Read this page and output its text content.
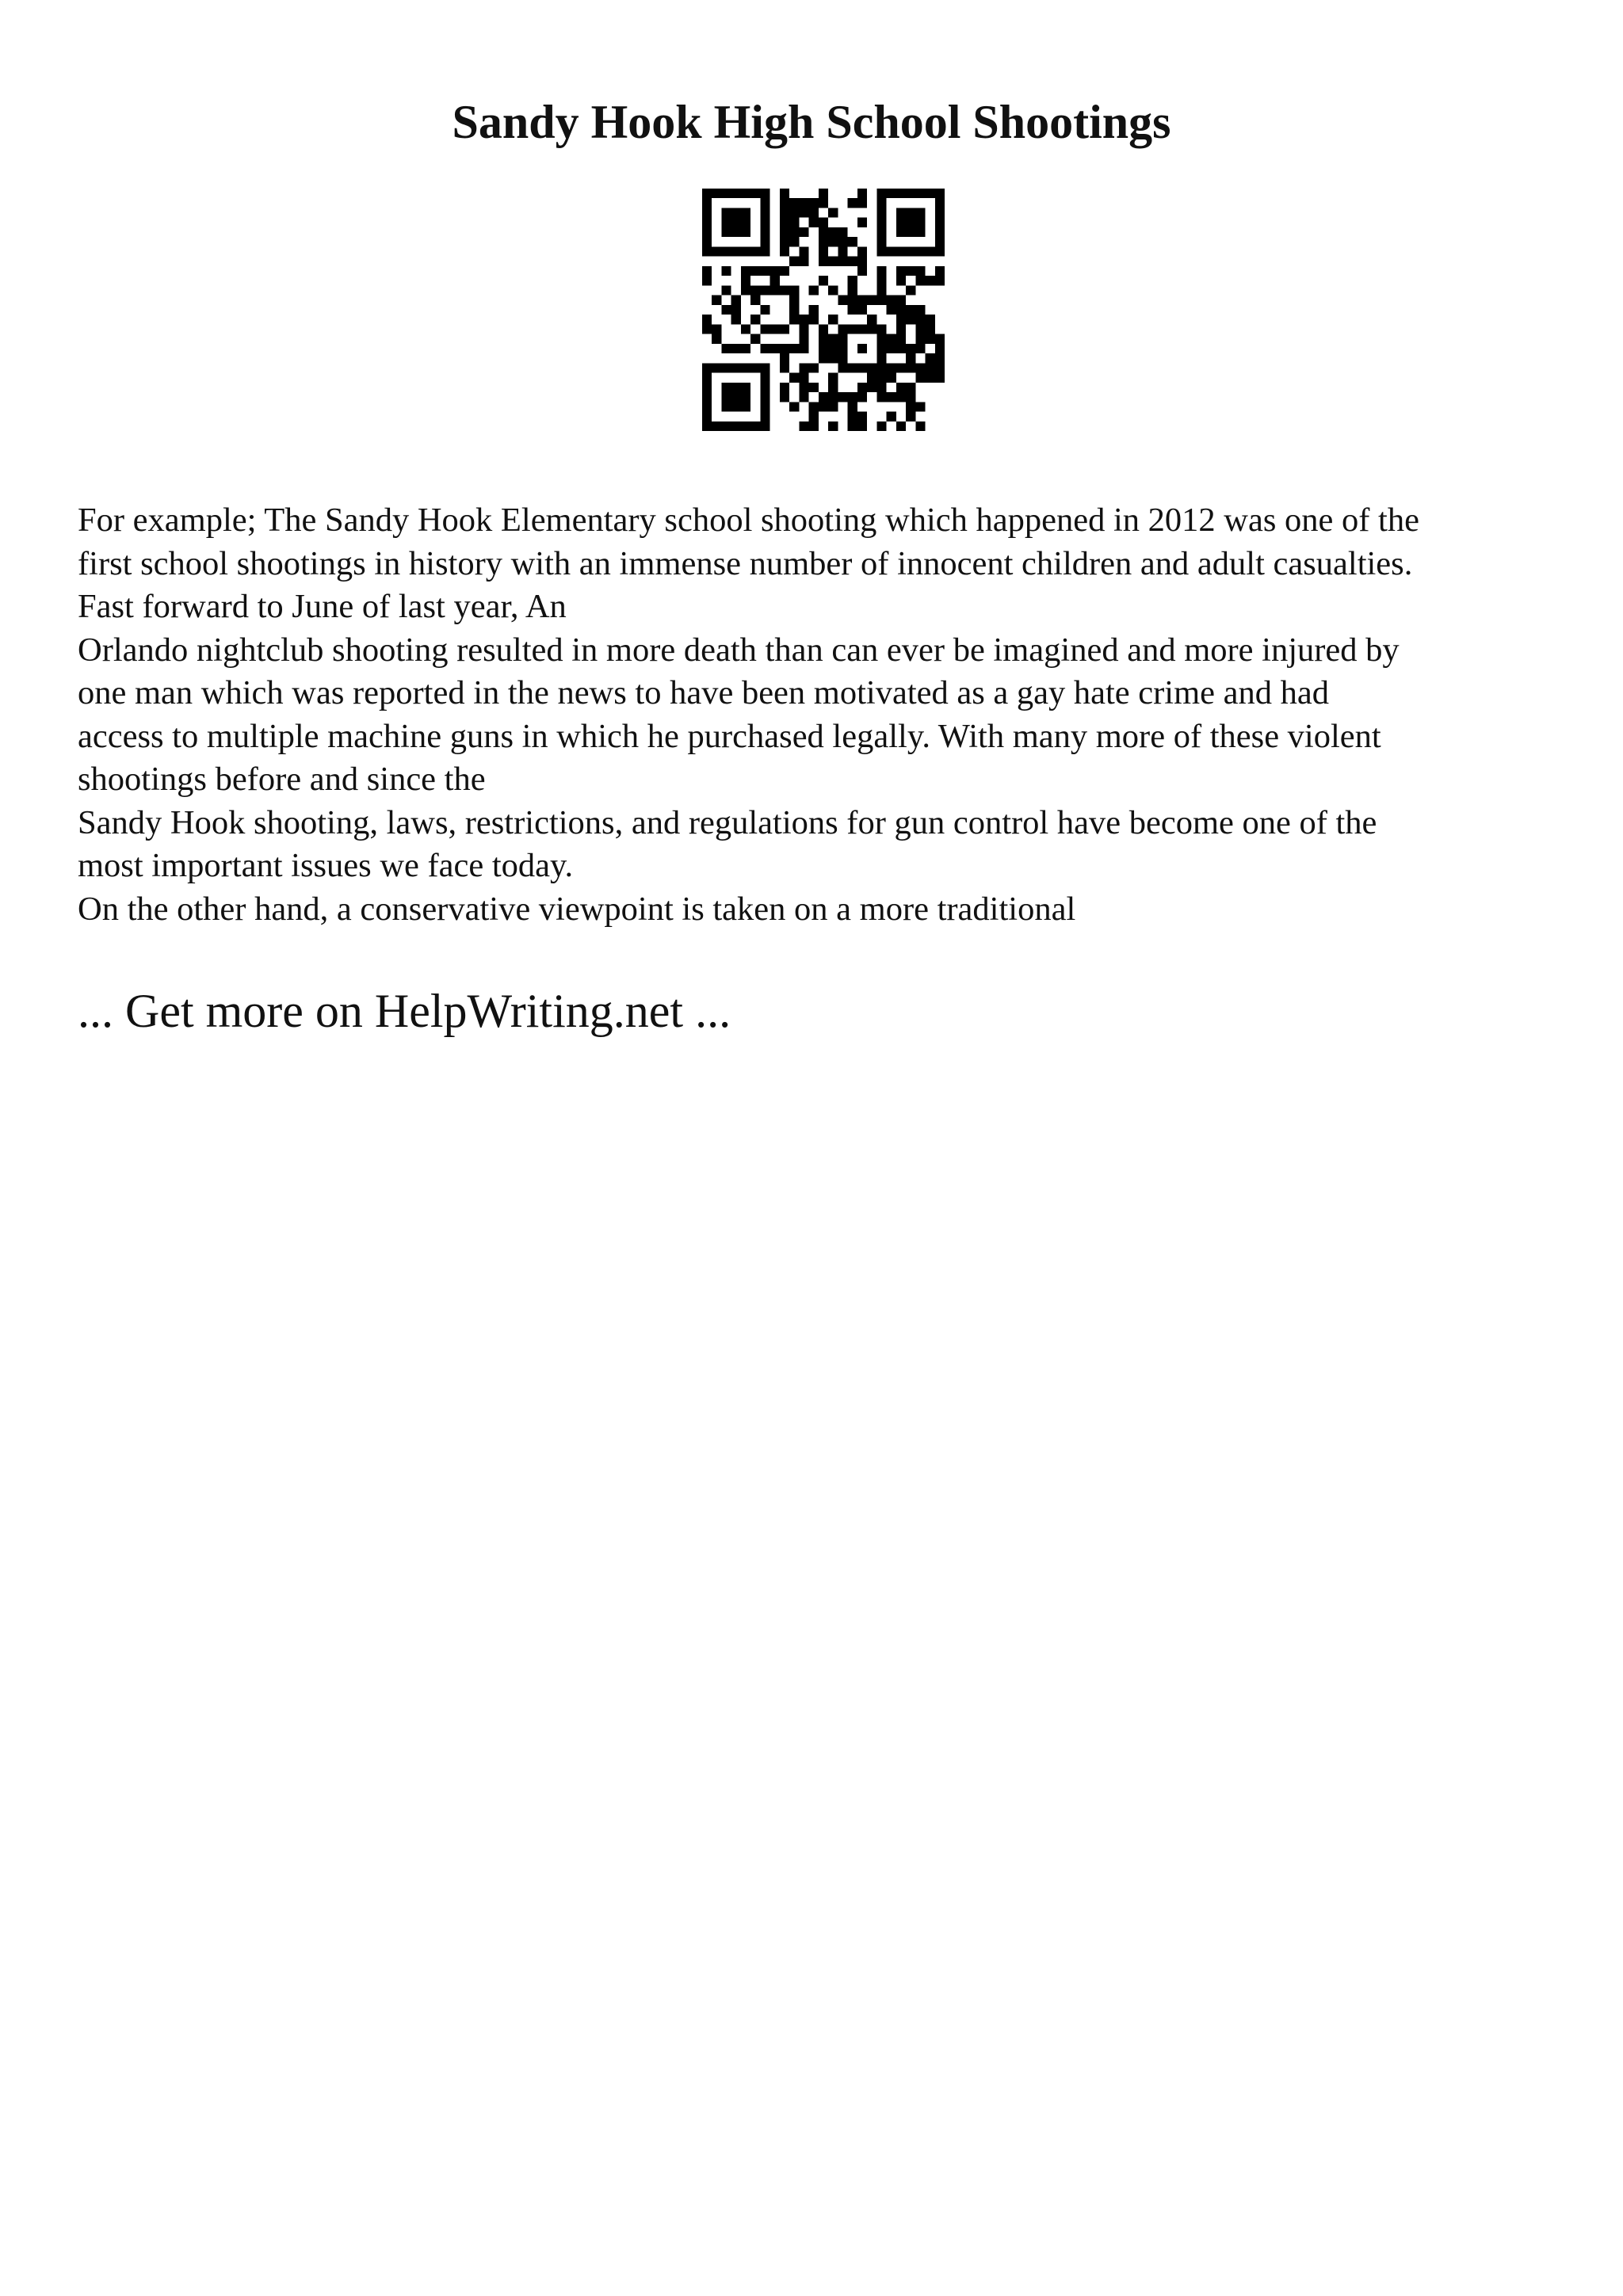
Sandy Hook High School Shootings
For example; The Sandy Hook Elementary school shooting which happened in 2012 was one of the
first school shootings in history with an immense number of innocent children and adult casualties.
Fast forward to June of last year, An
Orlando nightclub shooting resulted in more death than can ever be imagined and more injured by
one man which was reported in the news to have been motivated as a gay hate crime and had
access to multiple machine guns in which he purchased legally. With many more of these violent
shootings before and since the
Sandy Hook shooting, laws, restrictions, and regulations for gun control have become one of the
most important issues we face today.
On the other hand, a conservative viewpoint is taken on a more traditional

... Get more on HelpWriting.net ...
